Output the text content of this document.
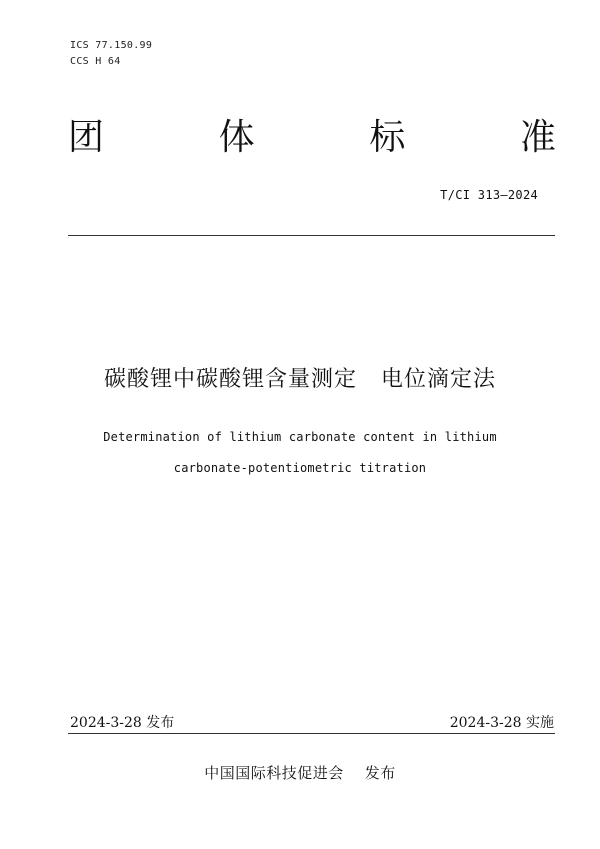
ICS 77.150.99
CCS H 64
团	体	标	准
T/CI 313—2024
碳酸锂中碳酸锂含量测定   电位滴定法
Determination of lithium carbonate content in lithium
carbonate-potentiometric titration
2024-3-28 发布	2024-3-28 实施
中国国际科技促进会    发布
